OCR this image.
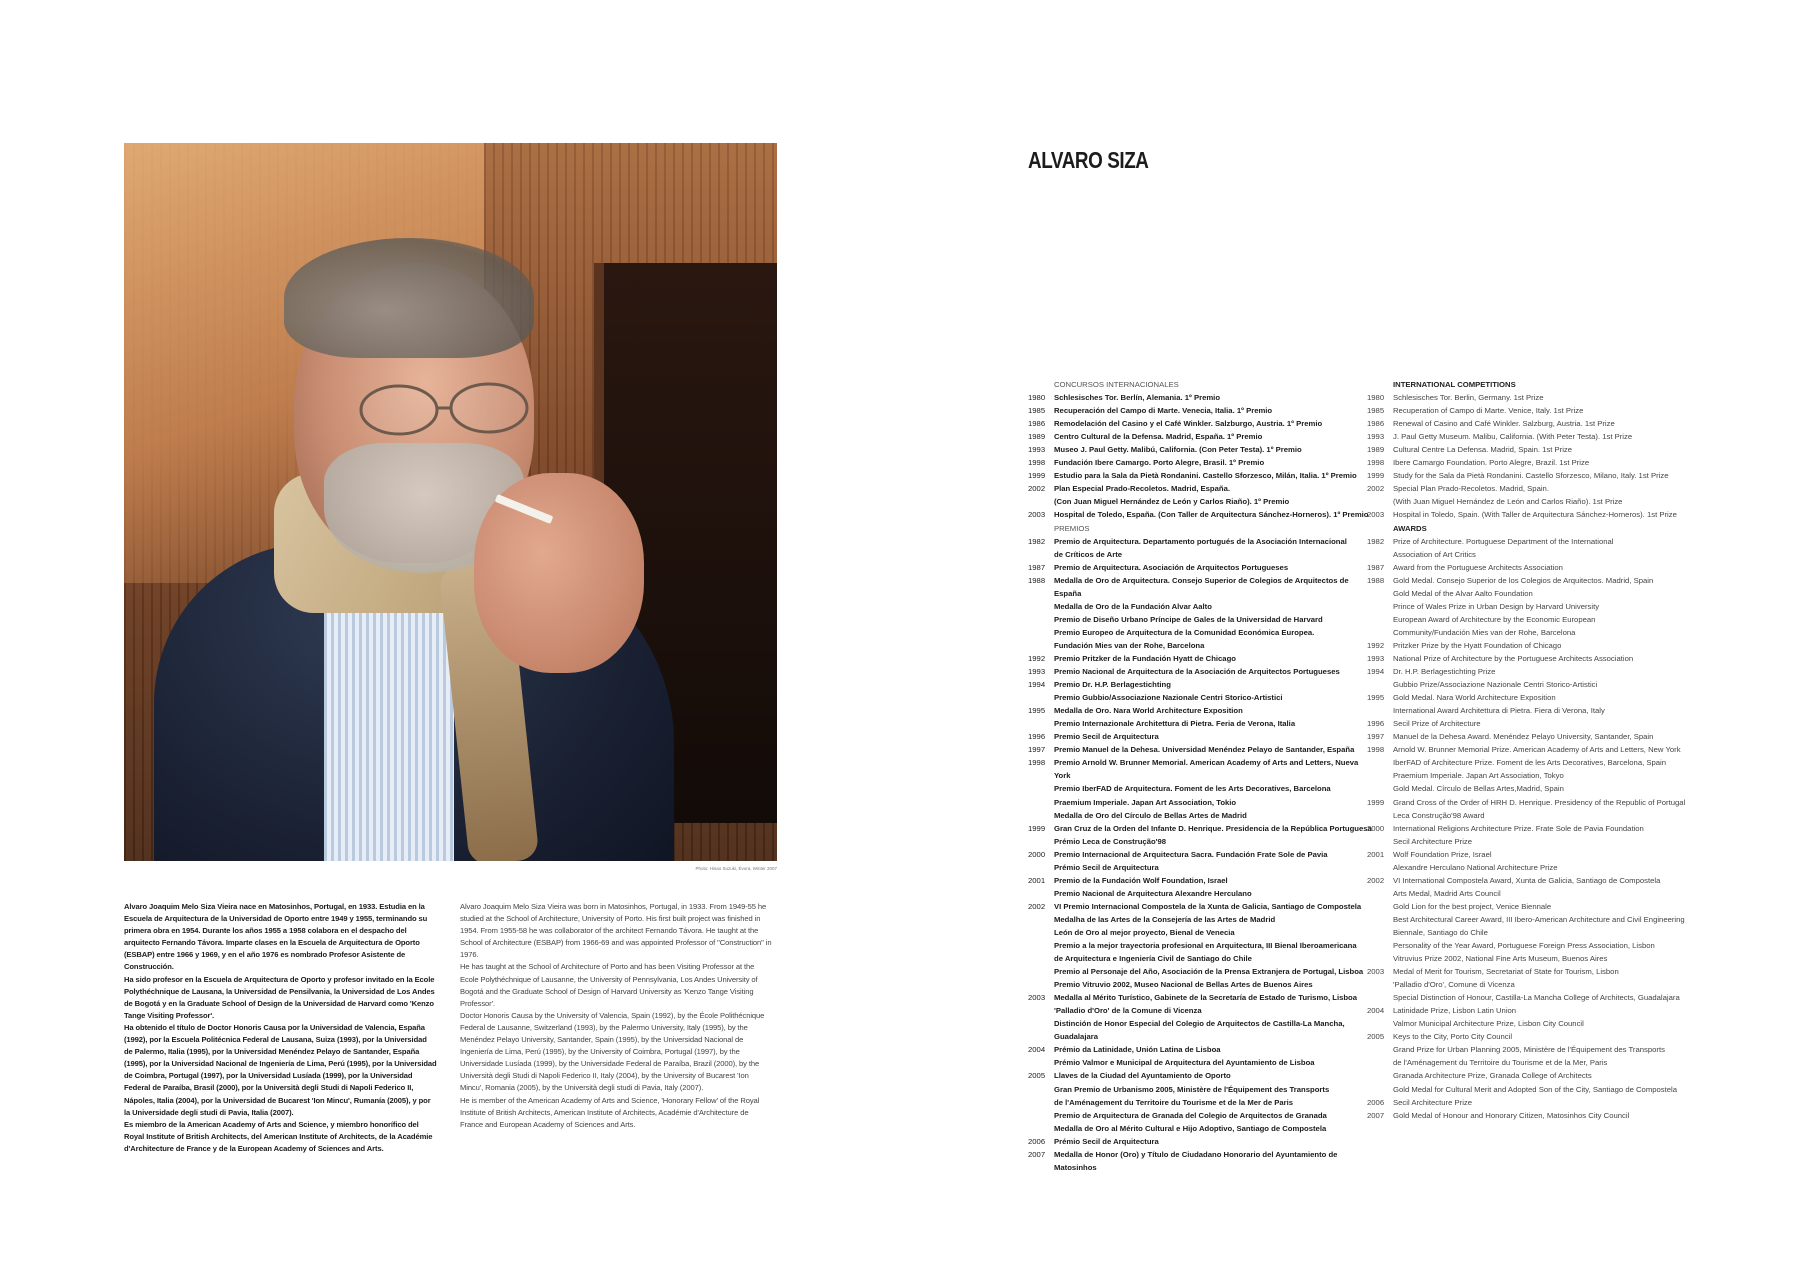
Photo: Hisao Suzuki, Évora, Winter 2007

Alvaro Joaquim Melo Siza Vieira nace en Matosinhos, Portugal, en 1933. Estudia en la Escuela de Arquitectura de la Universidad de Oporto entre 1949 y 1955, terminando su primera obra en 1954. Durante los años 1955 a 1958 colabora en el despacho del arquitecto Fernando Távora. Imparte clases en la Escuela de Arquitectura de Oporto (ESBAP) entre 1966 y 1969, y en el año 1976 es nombrado Profesor Asistente de Construcción.

Ha sido profesor en la Escuela de Arquitectura de Oporto y profesor invitado en la Ecole Polythéchnique de Lausana, la Universidad de Pensilvania, la Universidad de Los Andes de Bogotá y en la Graduate School of Design de la Universidad de Harvard como 'Kenzo Tange Visiting Professor'.

Ha obtenido el título de Doctor Honoris Causa por la Universidad de Valencia, España (1992), por la Escuela Politécnica Federal de Lausana, Suiza (1993), por la Universidad de Palermo, Italia (1995), por la Universidad Menéndez Pelayo de Santander, España (1995), por la Universidad Nacional de Ingeniería de Lima, Perú (1995), por la Universidad de Coimbra, Portugal (1997), por la Universidad Lusíada (1999), por la Universidad Federal de Paraíba, Brasil (2000), por la Università degli Studi di Napoli Federico II, Nápoles, Italia (2004), por la Universidad de Bucarest 'Ion Mincu', Rumanía (2005), y por la Universidade degli studi di Pavia, Italia (2007).

Es miembro de la American Academy of Arts and Science, y miembro honorífico del Royal Institute of British Architects, del American Institute of Architects, de la Académie d'Architecture de France y de la European Academy of Sciences and Arts.

Alvaro Joaquim Melo Siza Vieira was born in Matosinhos, Portugal, in 1933. From 1949-55 he studied at the School of Architecture, University of Porto. His first built project was finished in 1954. From 1955-58 he was collaborator of the architect Fernando Távora. He taught at the School of Architecture (ESBAP) from 1966-69 and was appointed Professor of "Construction" in 1976.

He has taught at the School of Architecture of Porto and has been Visiting Professor at the Ecole Polythéchnique of Lausanne, the University of Pennsylvania, Los Andes University of Bogotá and the Graduate School of Design of Harvard University as 'Kenzo Tange Visiting Professor'.

Doctor Honoris Causa by the University of Valencia, Spain (1992), by the École Polithécnique Federal de Lausanne, Switzerland (1993), by the Palermo University, Italy (1995), by the Menéndez Pelayo University, Santander, Spain (1995), by the Universidad Nacional de Ingeniería de Lima, Perú (1995), by the University of Coimbra, Portugal (1997), by the Universidade Lusíada (1999), by the Universidade Federal de Paraíba, Brazil (2000), by the Università degli Studi di Napoli Federico II, Italy (2004), by the University of Bucarest 'Ion Mincu', Romania (2005), by the Università degli studi di Pavia, Italy (2007).

He is member of the American Academy of Arts and Science, 'Honorary Fellow' of the Royal Institute of British Architects, American Institute of Architects, Académie d'Architecture de France and European Academy of Sciences and Arts.

ALVARO SIZA
CONCURSOS INTERNACIONALES
1980	Schlesisches Tor. Berlín, Alemania. 1º Premio
1985	Recuperación del Campo di Marte. Venecia, Italia. 1º Premio
1986	Remodelación del Casino y el Café Winkler. Salzburgo, Austria. 1º Premio
1989	Centro Cultural de la Defensa. Madrid, España. 1º Premio
1993	Museo J. Paul Getty. Malibú, California. (Con Peter Testa). 1º Premio
1998	Fundación Ibere Camargo. Porto Alegre, Brasil. 1º Premio
1999	Estudio para la Sala da Pietà Rondanini. Castello Sforzesco, Milán, Italia. 1º Premio
2002	Plan Especial Prado-Recoletos. Madrid, España.
(Con Juan Miguel Hernández de León y Carlos Riaño). 1º Premio
2003	Hospital de Toledo, España. (Con Taller de Arquitectura Sánchez-Horneros). 1º Premio
PREMIOS
1982	Premio de Arquitectura. Departamento portugués de la Asociación Internacional
de Críticos de Arte
1987	Premio de Arquitectura. Asociación de Arquitectos Portugueses
1988	Medalla de Oro de Arquitectura. Consejo Superior de Colegios de Arquitectos de España
Medalla de Oro de la Fundación Alvar Aalto
Premio de Diseño Urbano Príncipe de Gales de la Universidad de Harvard
Premio Europeo de Arquitectura de la Comunidad Económica Europea.
Fundación Mies van der Rohe, Barcelona
1992	Premio Pritzker de la Fundación Hyatt de Chicago
1993	Premio Nacional de Arquitectura de la Asociación de Arquitectos Portugueses
1994	Premio Dr. H.P. Berlagestichting
Premio Gubbio/Associazione Nazionale Centri Storico-Artistici
1995	Medalla de Oro. Nara World Architecture Exposition
Premio Internazionale Architettura di Pietra. Feria de Verona, Italia
1996	Premio Secil de Arquitectura
1997	Premio Manuel de la Dehesa. Universidad Menéndez Pelayo de Santander, España
1998	Premio Arnold W. Brunner Memorial. American Academy of Arts and Letters, Nueva York
Premio IberFAD de Arquitectura. Foment de les Arts Decoratives, Barcelona
Praemium Imperiale. Japan Art Association, Tokio
Medalla de Oro del Círculo de Bellas Artes de Madrid
1999	Gran Cruz de la Orden del Infante D. Henrique. Presidencia de la República Portuguesa
Prémio Leca de Construção'98
2000	Premio Internacional de Arquitectura Sacra. Fundación Frate Sole de Pavia
Prémio Secil de Arquitectura
2001	Premio de la Fundación Wolf Foundation, Israel
Premio Nacional de Arquitectura Alexandre Herculano
2002	VI Premio Internacional Compostela de la Xunta de Galicia, Santiago de Compostela
Medalha de las Artes de la Consejería de las Artes de Madrid
León de Oro al mejor proyecto, Bienal de Venecia
Premio a la mejor trayectoria profesional en Arquitectura, III Bienal Iberoamericana
de Arquitectura e Ingeniería Civil de Santiago do Chile
Premio al Personaje del Año, Asociación de la Prensa Extranjera de Portugal, Lisboa
Premio Vitruvio 2002, Museo Nacional de Bellas Artes de Buenos Aires
2003	Medalla al Mérito Turístico, Gabinete de la Secretaría de Estado de Turismo, Lisboa
'Palladio d'Oro' de la Comune di Vicenza
Distinción de Honor Especial del Colegio de Arquitectos de Castilla-La Mancha, Guadalajara
2004	Prémio da Latinidade, Unión Latina de Lisboa
Prémio Valmor e Municipal de Arquitectura del Ayuntamiento de Lisboa
2005	Llaves de la Ciudad del Ayuntamiento de Oporto
Gran Premio de Urbanismo 2005, Ministère de l'Équipement des Transports
de l'Aménagement du Territoire du Tourisme et de la Mer de Paris
Premio de Arquitectura de Granada del Colegio de Arquitectos de Granada
Medalla de Oro al Mérito Cultural e Hijo Adoptivo, Santiago de Compostela
2006	Prémio Secil de Arquitectura
2007	Medalla de Honor (Oro) y Título de Ciudadano Honorario del Ayuntamiento de Matosinhos
INTERNATIONAL COMPETITIONS
1980	Schlesisches Tor. Berlin, Germany. 1st Prize
1985	Recuperation of Campo di Marte. Venice, Italy. 1st Prize
1986	Renewal of Casino and Café Winkler. Salzburg, Austria. 1st Prize
1993	J. Paul Getty Museum. Malibu, California. (With Peter Testa). 1st Prize
1989	Cultural Centre La Defensa. Madrid, Spain. 1st Prize
1998	Ibere Camargo Foundation. Porto Alegre, Brazil. 1st Prize
1999	Study for the Sala da Pietà Rondanini. Castello Sforzesco, Milano, Italy. 1st Prize
2002	Special Plan Prado-Recoletos. Madrid, Spain.
(With Juan Miguel Hernández de León and Carlos Riaño). 1st Prize
2003	Hospital in Toledo, Spain. (With Taller de Arquitectura Sánchez-Horneros). 1st Prize
AWARDS
1982	Prize of Architecture. Portuguese Department of the International
Association of Art Critics
1987	Award from the Portuguese Architects Association
1988	Gold Medal. Consejo Superior de los Colegios de Arquitectos. Madrid, Spain
Gold Medal of the Alvar Aalto Foundation
Prince of Wales Prize in Urban Design by Harvard University
European Award of Architecture by the Economic European
Community/Fundación Mies van der Rohe, Barcelona
1992	Pritzker Prize by the Hyatt Foundation of Chicago
1993	National Prize of Architecture by the Portuguese Architects Association
1994	Dr. H.P. Berlagestichting Prize
Gubbio Prize/Associazione Nazionale Centri Storico-Artistici
1995	Gold Medal. Nara World Architecture Exposition
International Award Architettura di Pietra. Fiera di Verona, Italy
1996	Secil Prize of Architecture
1997	Manuel de la Dehesa Award. Menéndez Pelayo University, Santander, Spain
1998	Arnold W. Brunner Memorial Prize. American Academy of Arts and Letters, New York
IberFAD of Architecture Prize. Foment de les Arts Decoratives, Barcelona, Spain
Praemium Imperiale. Japan Art Association, Tokyo
Gold Medal. Círculo de Bellas Artes,Madrid, Spain
1999	Grand Cross of the Order of HRH D. Henrique. Presidency of the Republic of Portugal
Leca Construção'98 Award
2000	International Religions Architecture Prize. Frate Sole de Pavia Foundation
Secil Architecture Prize
2001	Wolf Foundation Prize, Israel
Alexandre Herculano National Architecture Prize
2002	VI International Compostela Award, Xunta de Galicia, Santiago de Compostela
Arts Medal, Madrid Arts Council
Gold Lion for the best project, Venice Biennale
Best Architectural Career Award, III Ibero-American Architecture and Civil Engineering
Biennale, Santiago do Chile
Personality of the Year Award, Portuguese Foreign Press Association, Lisbon
Vitruvius Prize 2002, National Fine Arts Museum, Buenos Aires
2003	Medal of Merit for Tourism, Secretariat of State for Tourism, Lisbon
'Palladio d'Oro', Comune di Vicenza
Special Distinction of Honour, Castilla-La Mancha College of Architects, Guadalajara
2004	Latinidade Prize, Lisbon Latin Union
Valmor Municipal Architecture Prize, Lisbon City Council
2005	Keys to the City, Porto City Council
Grand Prize for Urban Planning 2005, Ministère de l'Équipement des Transports
de l'Aménagement du Territoire du Tourisme et de la Mer, Paris
Granada Architecture Prize, Granada College of Architects
Gold Medal for Cultural Merit and Adopted Son of the City, Santiago de Compostela
2006	Secil Architecture Prize
2007	Gold Medal of Honour and Honorary Citizen, Matosinhos City Council
